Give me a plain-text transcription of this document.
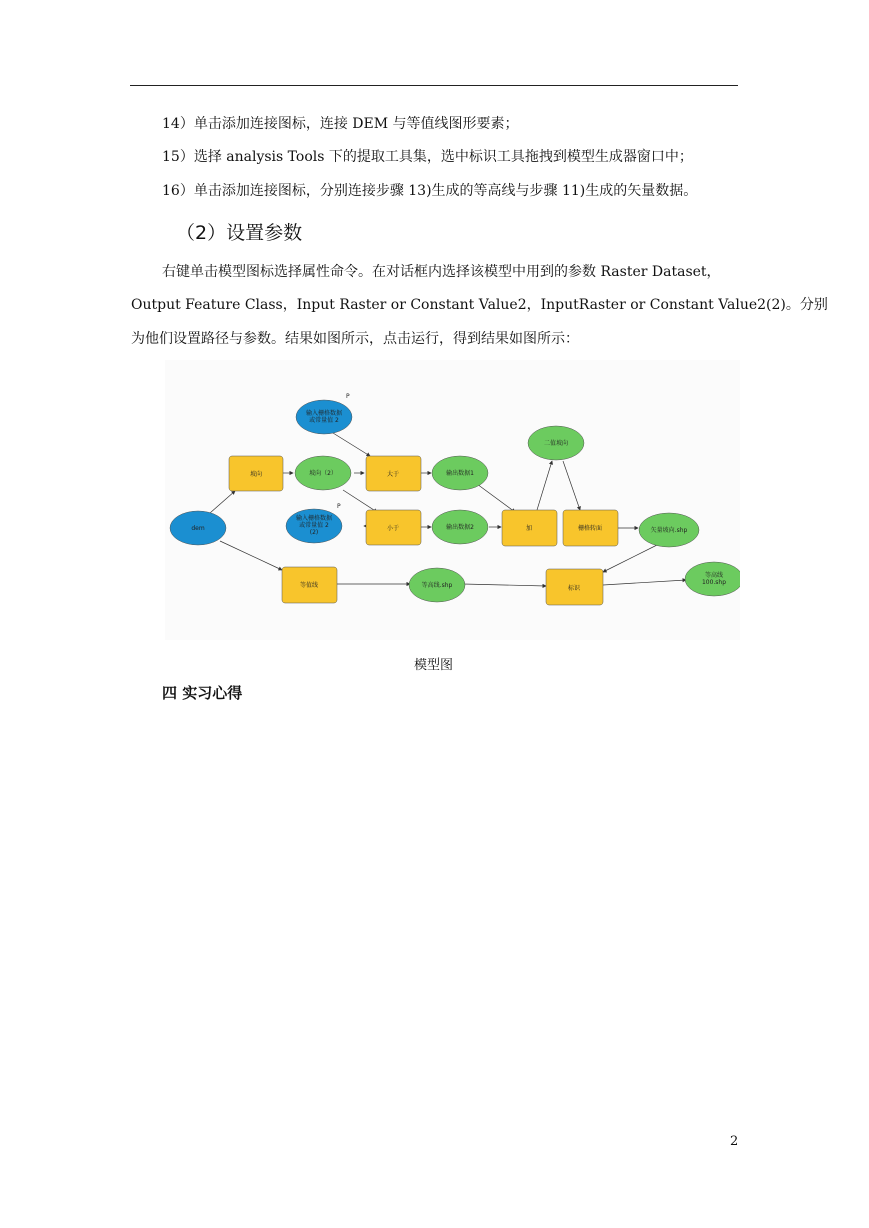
14）单击添加连接图标，连接 DEM 与等值线图形要素；
15）选择 analysis Tools 下的提取工具集，选中标识工具拖拽到模型生成器窗口中；
16）单击添加连接图标，分别连接步骤 13)生成的等高线与步骤 11)生成的矢量数据。
（2）设置参数
右键单击模型图标选择属性命令。在对话框内选择该模型中用到的参数 Raster Dataset，
Output Feature Class，Input Raster or Constant Value2，InputRaster or Constant Value2(2)。分别
为他们设置路径与参数。结果如图所示，点击运行，得到结果如图所示：
P
P
输入栅格数据
或常量值 2
dem
输入栅格数据
或常量值 2
(2)
坡向	大于
小于	加	栅格转面
等值线	标识
坡向（2）	输出数据1
输出数据2
二值坡向
矢量坡向.shp
等高线.shp
等高线
100.shp
模型图
四 实习心得
2
